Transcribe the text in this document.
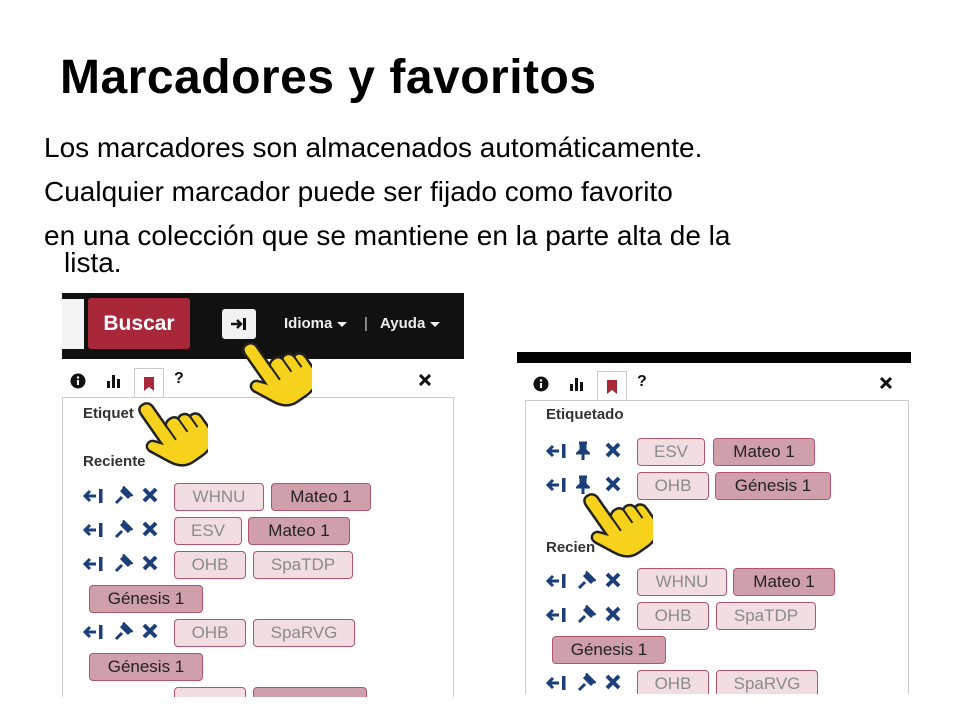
Marcadores y favoritos

Los marcadores son almacenados automáticamente.

Cualquier marcador puede ser fijado como favorito

en una colección que se mantiene en la parte alta de la

lista.

Buscar	Idioma	| Ayuda
?
Etiquet
Reciente
WHNU	Mateo 1
ESV	Mateo 1
OHB	SpaTDP
Génesis 1
OHB	SpaRVG
Génesis 1
?
Etiquetado
ESV	Mateo 1
OHB	Génesis 1
Recien
WHNU	Mateo 1
OHB	SpaTDP
Génesis 1
OHB	SpaRVG
